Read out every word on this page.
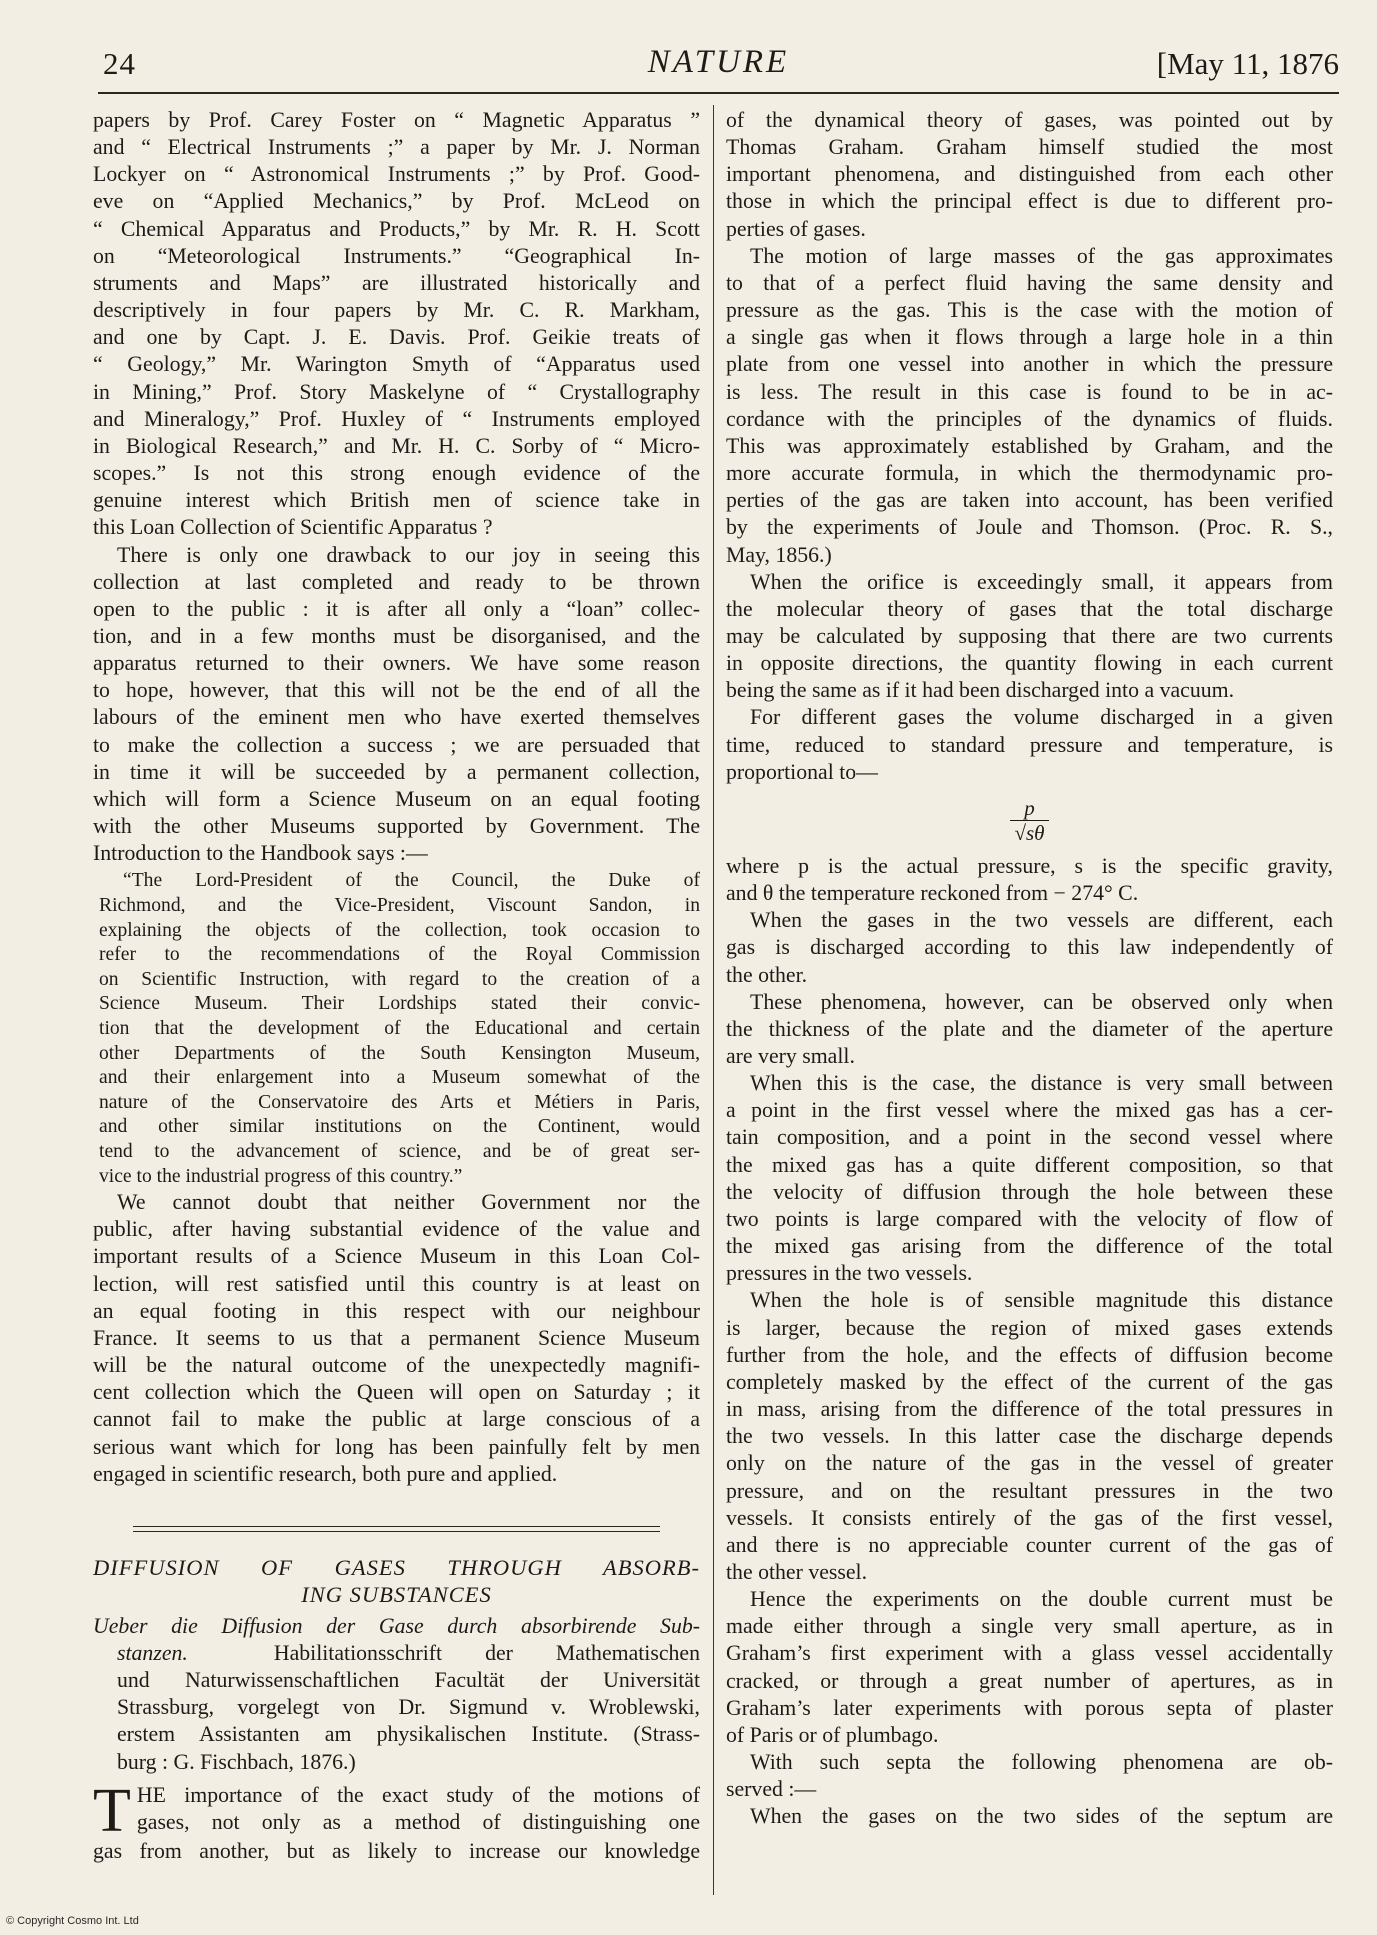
24	NATURE	[May 11, 1876
papers by Prof. Carey Foster on “ Magnetic Apparatus ”
and “ Electrical Instruments ;” a paper by Mr. J. Norman
Lockyer on “ Astronomical Instruments ;” by Prof. Good-
eve on “Applied Mechanics,” by Prof. McLeod on
“ Chemical Apparatus and Products,” by Mr. R. H. Scott
on “Meteorological Instruments.” “Geographical In-
struments and Maps” are illustrated historically and
descriptively in four papers by Mr. C. R. Markham,
and one by Capt. J. E. Davis. Prof. Geikie treats of
“ Geology,” Mr. Warington Smyth of “Apparatus used
in Mining,” Prof. Story Maskelyne of “ Crystallography
and Mineralogy,” Prof. Huxley of “ Instruments employed
in Biological Research,” and Mr. H. C. Sorby of “ Micro-
scopes.” Is not this strong enough evidence of the
genuine interest which British men of science take in
this Loan Collection of Scientific Apparatus ?
There is only one drawback to our joy in seeing this
collection at last completed and ready to be thrown
open to the public : it is after all only a “loan” collec-
tion, and in a few months must be disorganised, and the
apparatus returned to their owners. We have some reason
to hope, however, that this will not be the end of all the
labours of the eminent men who have exerted themselves
to make the collection a success ; we are persuaded that
in time it will be succeeded by a permanent collection,
which will form a Science Museum on an equal footing
with the other Museums supported by Government. The
Introduction to the Handbook says :—
“The Lord-President of the Council, the Duke of
Richmond, and the Vice-President, Viscount Sandon, in
explaining the objects of the collection, took occasion to
refer to the recommendations of the Royal Commission
on Scientific Instruction, with regard to the creation of a
Science Museum. Their Lordships stated their convic-
tion that the development of the Educational and certain
other Departments of the South Kensington Museum,
and their enlargement into a Museum somewhat of the
nature of the Conservatoire des Arts et Métiers in Paris,
and other similar institutions on the Continent, would
tend to the advancement of science, and be of great ser-
vice to the industrial progress of this country.”
We cannot doubt that neither Government nor the
public, after having substantial evidence of the value and
important results of a Science Museum in this Loan Col-
lection, will rest satisfied until this country is at least on
an equal footing in this respect with our neighbour
France. It seems to us that a permanent Science Museum
will be the natural outcome of the unexpectedly magnifi-
cent collection which the Queen will open on Saturday ; it
cannot fail to make the public at large conscious of a
serious want which for long has been painfully felt by men
engaged in scientific research, both pure and applied.
DIFFUSION OF GASES THROUGH ABSORB-
ING SUBSTANCES
Ueber die Diffusion der Gase durch absorbirende Sub-
stanzen.	Habilitationsschrift der Mathematischen
und Naturwissenschaftlichen Facultät der Universität
Strassburg, vorgelegt von Dr. Sigmund v. Wroblewski,
erstem Assistanten am physikalischen Institute. (Strass-
burg : G. Fischbach, 1876.)
T HE importance of the exact study of the motions of
gases, not only as a method of distinguishing one
gas from another, but as likely to increase our knowledge
of the dynamical theory of gases, was pointed out by
Thomas Graham. Graham himself studied the most
important phenomena, and distinguished from each other
those in which the principal effect is due to different pro-
perties of gases.
The motion of large masses of the gas approximates
to that of a perfect fluid having the same density and
pressure as the gas. This is the case with the motion of
a single gas when it flows through a large hole in a thin
plate from one vessel into another in which the pressure
is less. The result in this case is found to be in ac-
cordance with the principles of the dynamics of fluids.
This was approximately established by Graham, and the
more accurate formula, in which the thermodynamic pro-
perties of the gas are taken into account, has been verified
by the experiments of Joule and Thomson. (Proc. R. S.,
May, 1856.)
When the orifice is exceedingly small, it appears from
the molecular theory of gases that the total discharge
may be calculated by supposing that there are two currents
in opposite directions, the quantity flowing in each current
being the same as if it had been discharged into a vacuum.
For different gases the volume discharged in a given
time, reduced to standard pressure and temperature, is
proportional to—
$\frac{p}{√s\theta}$
where p is the actual pressure, s is the specific gravity,
and θ the temperature reckoned from − 274° C.
When the gases in the two vessels are different, each
gas is discharged according to this law independently of
the other.
These phenomena, however, can be observed only when
the thickness of the plate and the diameter of the aperture
are very small.
When this is the case, the distance is very small between
a point in the first vessel where the mixed gas has a cer-
tain composition, and a point in the second vessel where
the mixed gas has a quite different composition, so that
the velocity of diffusion through the hole between these
two points is large compared with the velocity of flow of
the mixed gas arising from the difference of the total
pressures in the two vessels.
When the hole is of sensible magnitude this distance
is larger, because the region of mixed gases extends
further from the hole, and the effects of diffusion become
completely masked by the effect of the current of the gas
in mass, arising from the difference of the total pressures in
the two vessels. In this latter case the discharge depends
only on the nature of the gas in the vessel of greater
pressure, and on the resultant pressures in the two
vessels. It consists entirely of the gas of the first vessel,
and there is no appreciable counter current of the gas of
the other vessel.
Hence the experiments on the double current must be
made either through a single very small aperture, as in
Graham’s first experiment with a glass vessel accidentally
cracked, or through a great number of apertures, as in
Graham’s later experiments with porous septa of plaster
of Paris or of plumbago.
With such septa the following phenomena are ob-
served :—
When the gases on the two sides of the septum are
© Copyright Cosmo Int. Ltd
